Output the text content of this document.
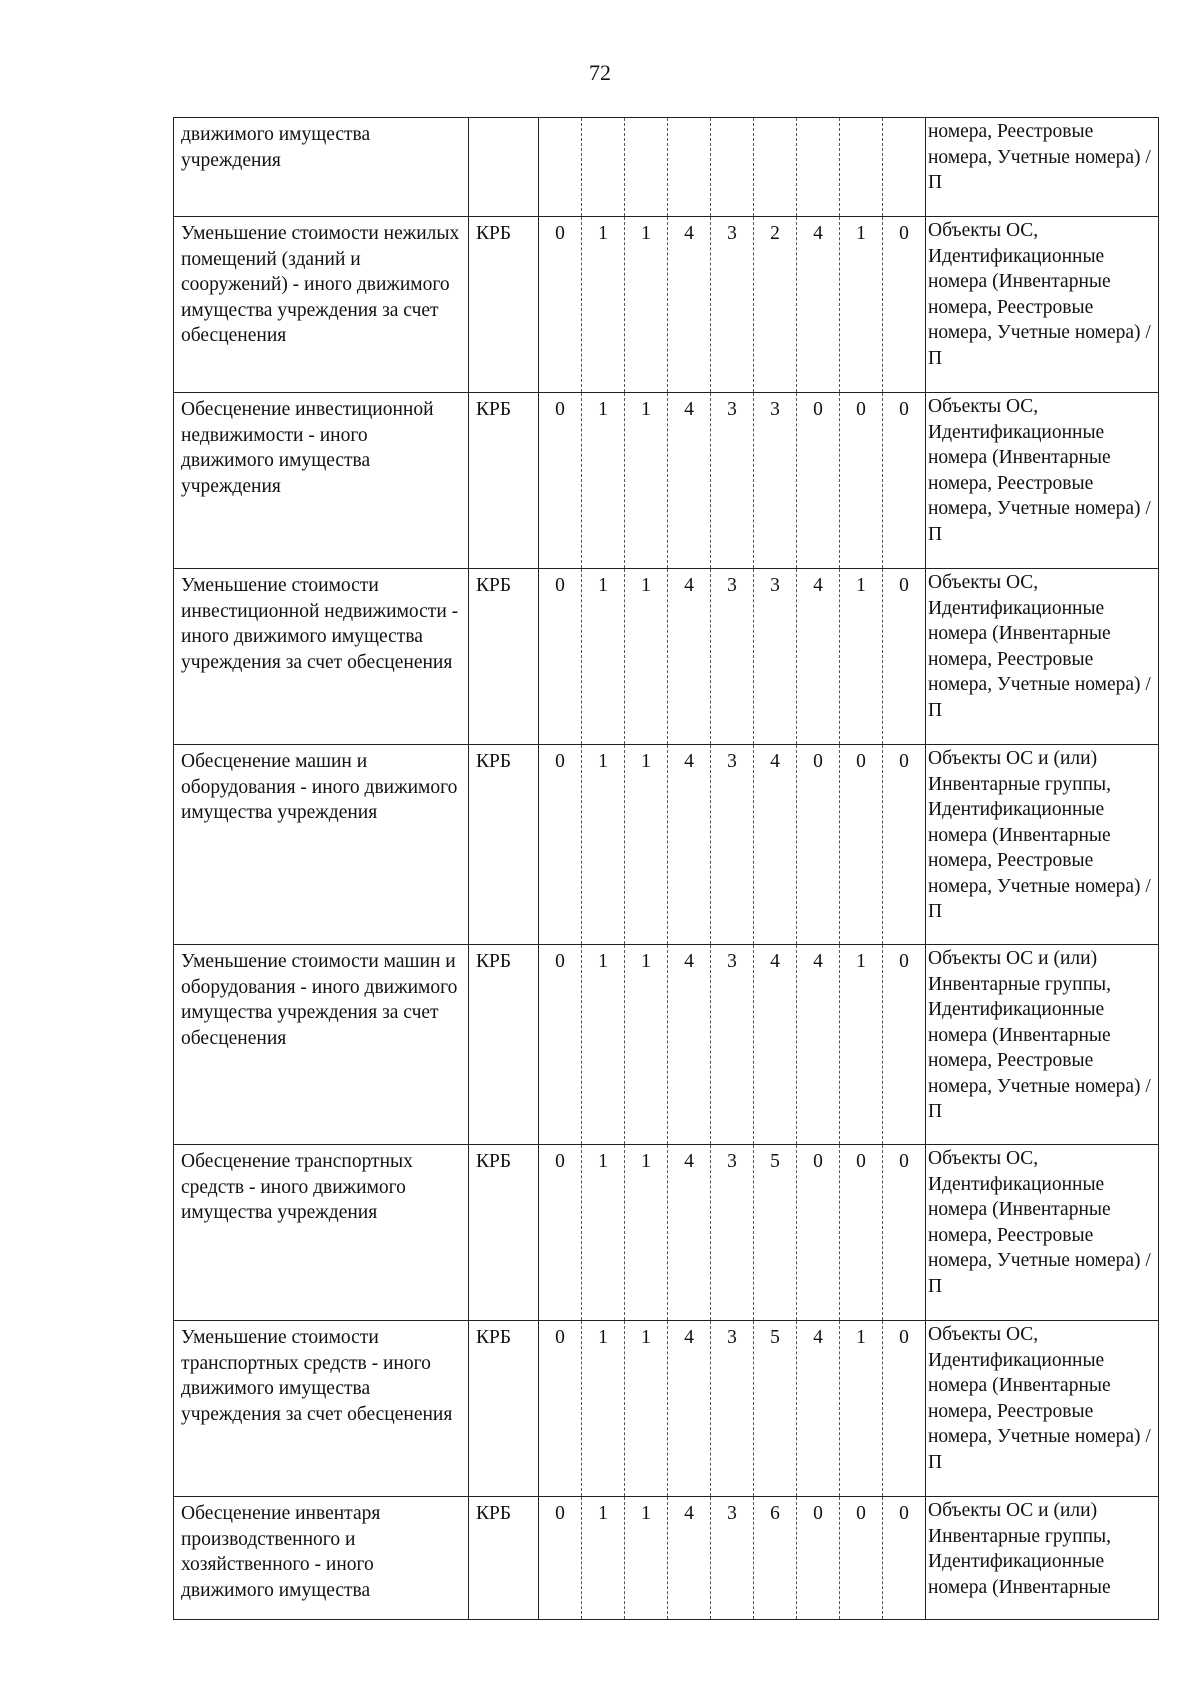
72
движимого имущества учреждения											номера, Реестровые номера, Учетные номера) / П

Уменьшение стоимости нежилых помещений (зданий и сооружений) - иного движимого имущества учреждения за счет обесценения	КРБ	0	1	1	4	3	2	4	1	0	Объекты ОС, Идентификационные номера (Инвентарные номера, Реестровые номера, Учетные номера) / П

Обесценение инвестиционной недвижимости - иного движимого имущества учреждения	КРБ	0	1	1	4	3	3	0	0	0	Объекты ОС, Идентификационные номера (Инвентарные номера, Реестровые номера, Учетные номера) / П

Уменьшение стоимости инвестиционной недвижимости - иного движимого имущества учреждения за счет обесценения	КРБ	0	1	1	4	3	3	4	1	0	Объекты ОС, Идентификационные номера (Инвентарные номера, Реестровые номера, Учетные номера) / П

Обесценение машин и оборудования - иного движимого имущества учреждения	КРБ	0	1	1	4	3	4	0	0	0	Объекты ОС и (или) Инвентарные группы, Идентификационные номера (Инвентарные номера, Реестровые номера, Учетные номера) / П

Уменьшение стоимости машин и оборудования - иного движимого имущества учреждения за счет обесценения	КРБ	0	1	1	4	3	4	4	1	0	Объекты ОС и (или) Инвентарные группы, Идентификационные номера (Инвентарные номера, Реестровые номера, Учетные номера) / П

Обесценение транспортных средств - иного движимого имущества учреждения	КРБ	0	1	1	4	3	5	0	0	0	Объекты ОС, Идентификационные номера (Инвентарные номера, Реестровые номера, Учетные номера) / П

Уменьшение стоимости транспортных средств - иного движимого имущества учреждения за счет обесценения	КРБ	0	1	1	4	3	5	4	1	0	Объекты ОС, Идентификационные номера (Инвентарные номера, Реестровые номера, Учетные номера) / П

Обесценение инвентаря производственного и хозяйственного - иного движимого имущества	КРБ	0	1	1	4	3	6	0	0	0	Объекты ОС и (или) Инвентарные группы, Идентификационные номера (Инвентарные
